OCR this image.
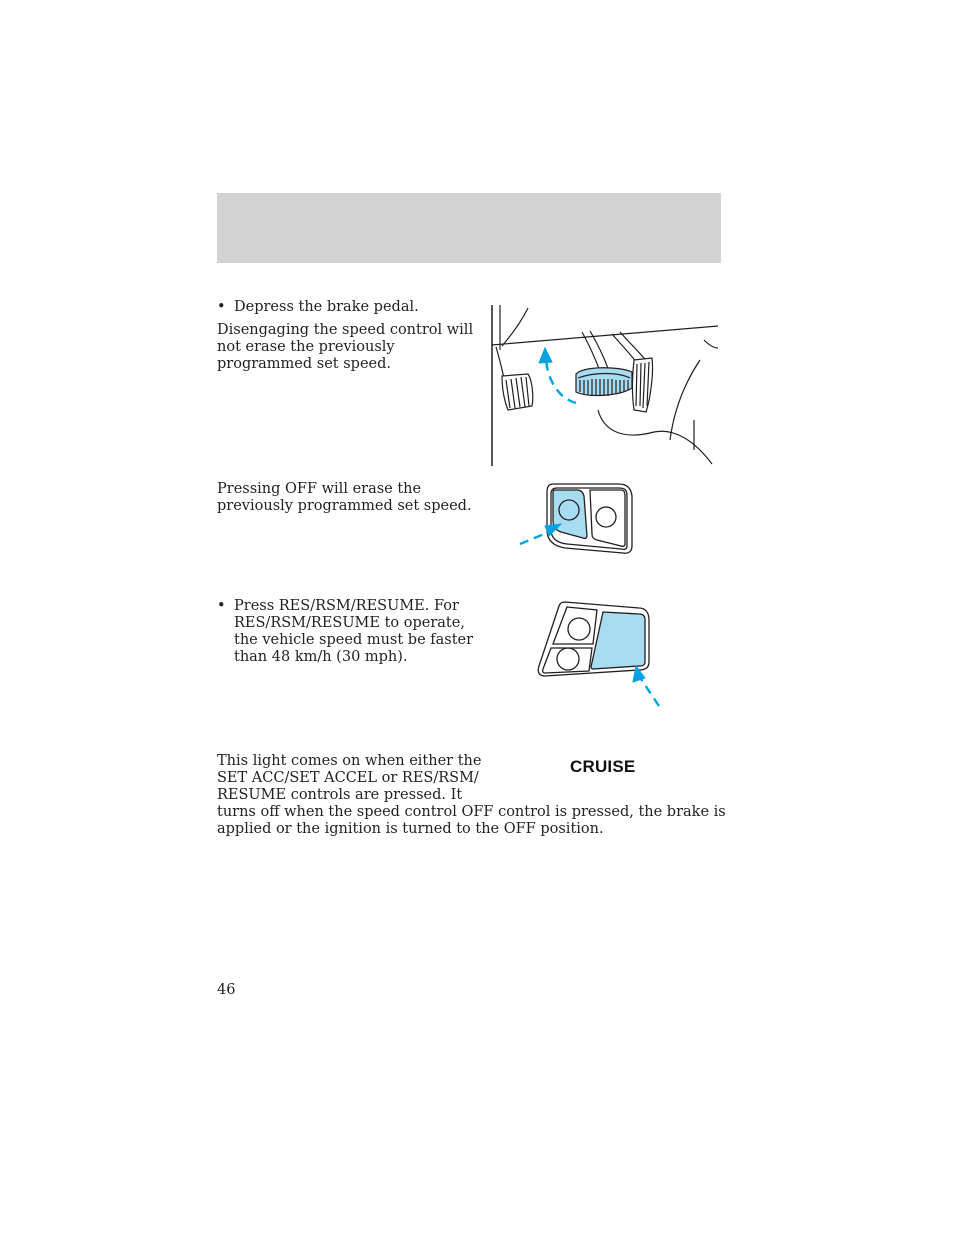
• Depress the brake pedal.
Disengaging the speed control will
not erase the previously
programmed set speed.
Pressing OFF will erase the
previously programmed set speed.
• Press RES/RSM/RESUME. For
RES/RSM/RESUME to operate,
the vehicle speed must be faster
than 48 km/h (30 mph).
This light comes on when either the
SET ACC/SET ACCEL or RES/RSM/
RESUME controls are pressed. It
turns off when the speed control OFF control is pressed, the brake is
applied or the ignition is turned to the OFF position.
CRUISE
46
